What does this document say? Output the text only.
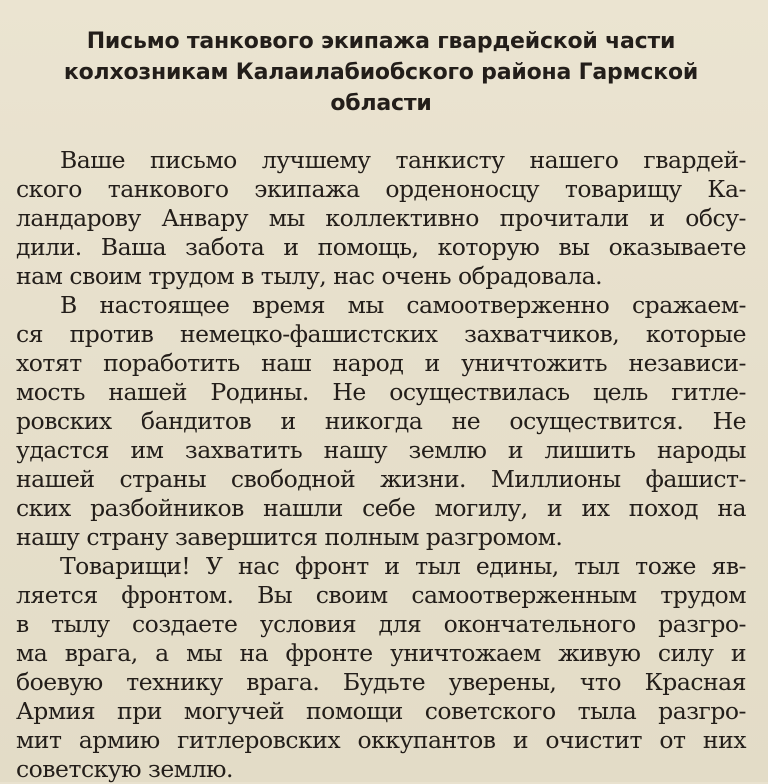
Письмо танкового экипажа гвардейской части
колхозникам Калаилабиобского района Гармской
области

Ваше письмо лучшему танкисту нашего гвардей-
ского танкового экипажа орденоносцу товарищу Ка-
ландарову Анвару мы коллективно прочитали и обсу-
дили. Ваша забота и помощь, которую вы оказываете
нам своим трудом в тылу, нас очень обрадовала.

В настоящее время мы самоотверженно сражаем-
ся против немецко-фашистских захватчиков, которые
хотят поработить наш народ и уничтожить независи-
мость нашей Родины. Не осуществилась цель гитле-
ровских бандитов и никогда не осуществится. Не
удастся им захватить нашу землю и лишить народы
нашей страны свободной жизни. Миллионы фашист-
ских разбойников нашли себе могилу, и их поход на
нашу страну завершится полным разгромом.

Товарищи! У нас фронт и тыл едины, тыл тоже яв-
ляется фронтом. Вы своим самоотверженным трудом
в тылу создаете условия для окончательного разгро-
ма врага, а мы на фронте уничтожаем живую силу и
боевую технику врага. Будьте уверены, что Красная
Армия при могучей помощи советского тыла разгро-
мит армию гитлеровских оккупантов и очистит от них
советскую землю.
